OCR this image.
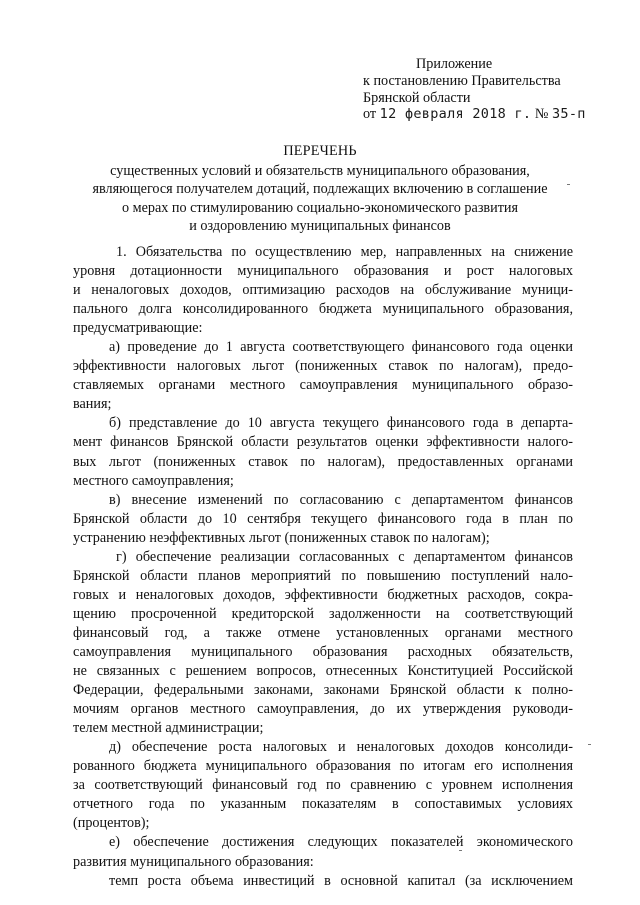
Приложение
к постановлению Правительства
Брянской области
от 12 февраля 2018 г. № 35-п
ПЕРЕЧЕНЬ
существенных условий и обязательств муниципального образования,
являющегося получателем дотаций, подлежащих включению в соглашение
о мерах по стимулированию социально-экономического развития
и оздоровлению муниципальных финансов
1. Обязательства по осуществлению мер, направленных на снижение
уровня дотационности муниципального образования и рост налоговых
и неналоговых доходов, оптимизацию расходов на обслуживание муници-
пального долга консолидированного бюджета муниципального образования,
предусматривающие:
а) проведение до 1 августа соответствующего финансового года оценки
эффективности налоговых льгот (пониженных ставок по налогам), предо-
ставляемых органами местного самоуправления муниципального образо-
вания;
б) представление до 10 августа текущего финансового года в департа-
мент финансов Брянской области результатов оценки эффективности налого-
вых льгот (пониженных ставок по налогам), предоставленных органами
местного самоуправления;
в) внесение изменений по согласованию с департаментом финансов
Брянской области до 10 сентября текущего финансового года в план по
устранению неэффективных льгот (пониженных ставок по налогам);
г) обеспечение реализации согласованных с департаментом финансов
Брянской области планов мероприятий по повышению поступлений нало-
говых и неналоговых доходов, эффективности бюджетных расходов, сокра-
щению просроченной кредиторской задолженности на соответствующий
финансовый год, а также отмене установленных органами местного
самоуправления муниципального образования расходных обязательств,
не связанных с решением вопросов, отнесенных Конституцией Российской
Федерации, федеральными законами, законами Брянской области к полно-
мочиям органов местного самоуправления, до их утверждения руководи-
телем местной администрации;
д) обеспечение роста налоговых и неналоговых доходов консолиди-
рованного бюджета муниципального образования по итогам его исполнения
за соответствующий финансовый год по сравнению с уровнем исполнения
отчетного года по указанным показателям в сопоставимых условиях
(процентов);
е) обеспечение достижения следующих показателей экономического
развития муниципального образования:
темп роста объема инвестиций в основной капитал (за исключением
